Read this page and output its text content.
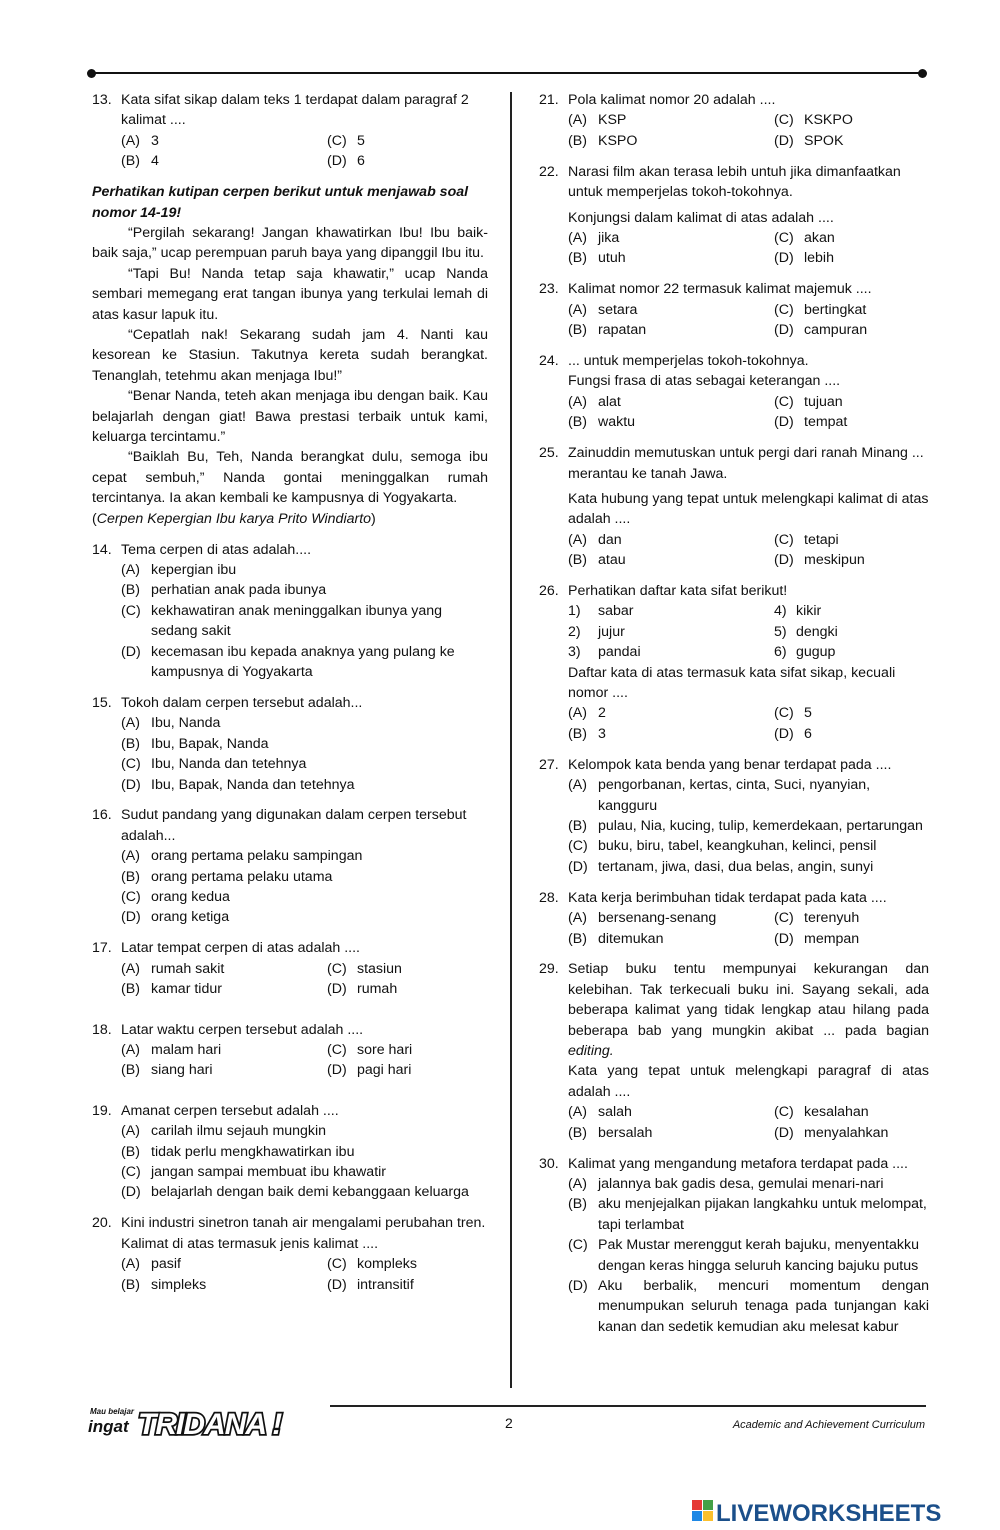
13. Kata sifat sikap dalam teks 1 terdapat dalam paragraf 2 kalimat ....
(A) 3	(C) 5
(B) 4	(D) 6
Perhatikan kutipan cerpen berikut untuk menjawab soal nomor 14-19!

“Pergilah sekarang! Jangan khawatirkan Ibu! Ibu baik-baik saja,” ucap perempuan paruh baya yang dipanggil Ibu itu.

“Tapi Bu! Nanda tetap saja khawatir,” ucap Nanda sembari memegang erat tangan ibunya yang terkulai lemah di atas kasur lapuk itu.

“Cepatlah nak! Sekarang sudah jam 4. Nanti kau kesorean ke Stasiun. Takutnya kereta sudah berangkat. Tenanglah, tetehmu akan menjaga Ibu!”

“Benar Nanda, teteh akan menjaga ibu dengan baik. Kau belajarlah dengan giat! Bawa prestasi terbaik untuk kami, keluarga tercintamu.”

“Baiklah Bu, Teh, Nanda berangkat dulu, semoga ibu cepat sembuh,” Nanda gontai meninggalkan rumah tercintanya. Ia akan kembali ke kampusnya di Yogyakarta.

(Cerpen Kepergian Ibu karya Prito Windiarto)
14. Tema cerpen di atas adalah....
(A) kepergian ibu
(B) perhatian anak pada ibunya
(C) kekhawatiran anak meninggalkan ibunya yang sedang sakit
(D) kecemasan ibu kepada anaknya yang pulang ke kampusnya di Yogyakarta
15. Tokoh dalam cerpen tersebut adalah...
(A) Ibu, Nanda
(B) Ibu, Bapak, Nanda
(C) Ibu, Nanda dan tetehnya
(D) Ibu, Bapak, Nanda dan tetehnya
16. Sudut pandang yang digunakan dalam cerpen tersebut adalah...
(A) orang pertama pelaku sampingan
(B) orang pertama pelaku utama
(C) orang kedua
(D) orang ketiga
17. Latar tempat cerpen di atas adalah ....
(A) rumah sakit	(C) stasiun
(B) kamar tidur	(D) rumah
18. Latar waktu cerpen tersebut adalah ....
(A) malam hari	(C) sore hari
(B) siang hari	(D) pagi hari
19. Amanat cerpen tersebut adalah ....
(A) carilah ilmu sejauh mungkin
(B) tidak perlu mengkhawatirkan ibu
(C) jangan sampai membuat ibu khawatir
(D) belajarlah dengan baik demi kebanggaan keluarga
20. Kini industri sinetron tanah air mengalami perubahan tren.
Kalimat di atas termasuk jenis kalimat ....
(A) pasif	(C) kompleks
(B) simpleks	(D) intransitif
21. Pola kalimat nomor 20 adalah ....
(A) KSP	(C) KSKPO
(B) KSPO	(D) SPOK
22. Narasi film akan terasa lebih untuh jika dimanfaatkan untuk memperjelas tokoh-tokohnya.
Konjungsi dalam kalimat di atas adalah ....
(A) jika	(C) akan
(B) utuh	(D) lebih
23. Kalimat nomor 22 termasuk kalimat majemuk ....
(A) setara	(C) bertingkat
(B) rapatan	(D) campuran
24. ... untuk memperjelas tokoh-tokohnya.
Fungsi frasa di atas sebagai keterangan ....
(A) alat	(C) tujuan
(B) waktu	(D) tempat
25. Zainuddin memutuskan untuk pergi dari ranah Minang ... merantau ke tanah Jawa.
Kata hubung yang tepat untuk melengkapi kalimat di atas adalah ....
(A) dan	(C) tetapi
(B) atau	(D) meskipun
26. Perhatikan daftar kata sifat berikut!
1)	sabar	4) kikir
2)	jujur	5) dengki
3)	pandai	6) gugup
Daftar kata di atas termasuk kata sifat sikap, kecuali nomor ....
(A) 2	(C) 5
(B) 3	(D) 6
27. Kelompok kata benda yang benar terdapat pada ....
(A) pengorbanan, kertas, cinta, Suci, nyanyian, kangguru
(B) pulau, Nia, kucing, tulip, kemerdekaan, pertarungan
(C) buku, biru, tabel, keangkuhan, kelinci, pensil
(D) tertanam, jiwa, dasi, dua belas, angin, sunyi
28. Kata kerja berimbuhan tidak terdapat pada kata ....
(A) bersenang-senang	(C) terenyuh
(B) ditemukan	(D) mempan
29. Setiap buku tentu mempunyai kekurangan dan kelebihan. Tak terkecuali buku ini. Sayang sekali, ada beberapa kalimat yang tidak lengkap atau hilang pada beberapa bab yang mungkin akibat ... pada bagian editing.
Kata yang tepat untuk melengkapi paragraf di atas adalah ....
(A) salah	(C) kesalahan
(B) bersalah	(D) menyalahkan
30. Kalimat yang mengandung metafora terdapat pada ....
(A) jalannya bak gadis desa, gemulai menari-nari
(B) aku menjejalkan pijakan langkahku untuk melompat, tapi terlambat
(C) Pak Mustar merenggut kerah bajuku, menyentakku dengan keras hingga seluruh kancing bajuku putus
(D) Aku berbalik, mencuri momentum dengan menumpukan seluruh tenaga pada tunjangan kaki kanan dan sedetik kemudian aku melesat kabur
2	Academic and Achievement Curriculum
Mau belajar
ingat TRIDANA !
LIVE LIVEWORKSHEETS
